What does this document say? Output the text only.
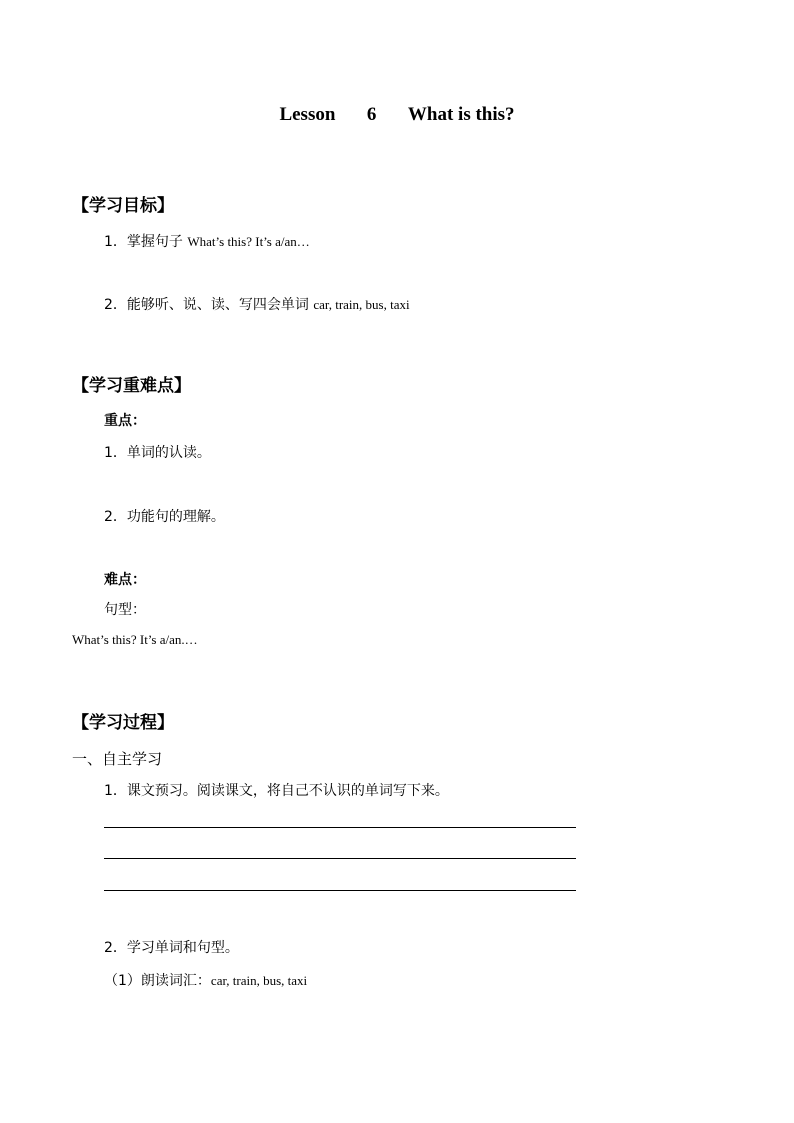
Lesson 6 What is this?
【学习目标】
1．掌握句子 What’s this? It’s a/an…
2．能够听、说、读、写四会单词 car, train, bus, taxi
【学习重难点】
重点：
1．单词的认读。
2．功能句的理解。
难点：
句型：
What’s this? It’s a/an.…
【学习过程】
一、自主学习
1．课文预习。阅读课文，将自己不认识的单词写下来。
2．学习单词和句型。
（1）朗读词汇：car, train, bus, taxi
